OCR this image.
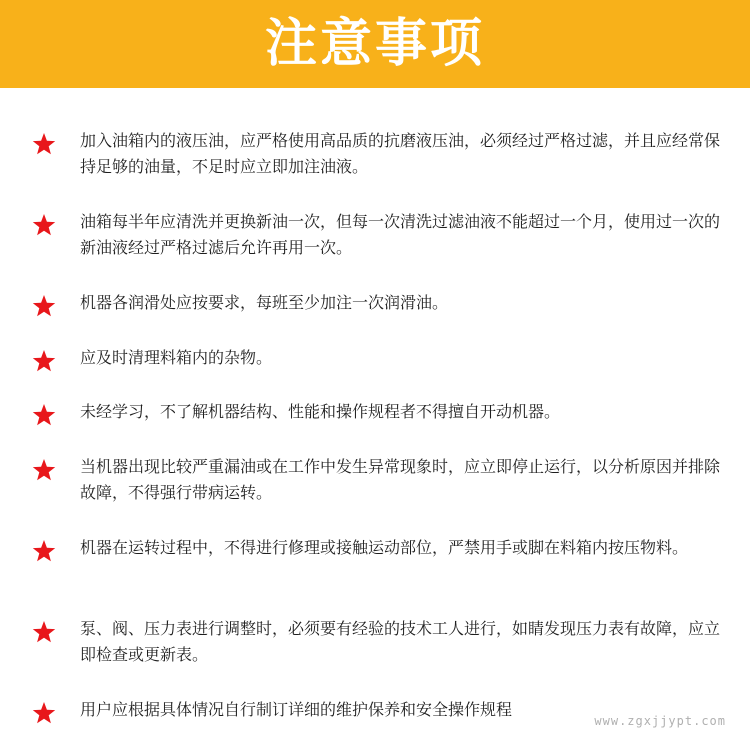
注意事项
加入油箱内的液压油，应严格使用高品质的抗磨液压油，必须经过严格过滤，并且应经常保持足够的油量，不足时应立即加注油液。
油箱每半年应清洗并更换新油一次，但每一次清洗过滤油液不能超过一个月，使用过一次的新油液经过严格过滤后允许再用一次。
机器各润滑处应按要求，每班至少加注一次润滑油。
应及时清理料箱内的杂物。
未经学习，不了解机器结构、性能和操作规程者不得擅自开动机器。
当机器出现比较严重漏油或在工作中发生异常现象时，应立即停止运行，以分析原因并排除故障，不得强行带病运转。
机器在运转过程中，不得进行修理或接触运动部位，严禁用手或脚在料箱内按压物料。
泵、阀、压力表进行调整时，必须要有经验的技术工人进行，如睛发现压力表有故障，应立即检查或更新表。
用户应根据具体情况自行制订详细的维护保养和安全操作规程
www.zgxjjypt.com
